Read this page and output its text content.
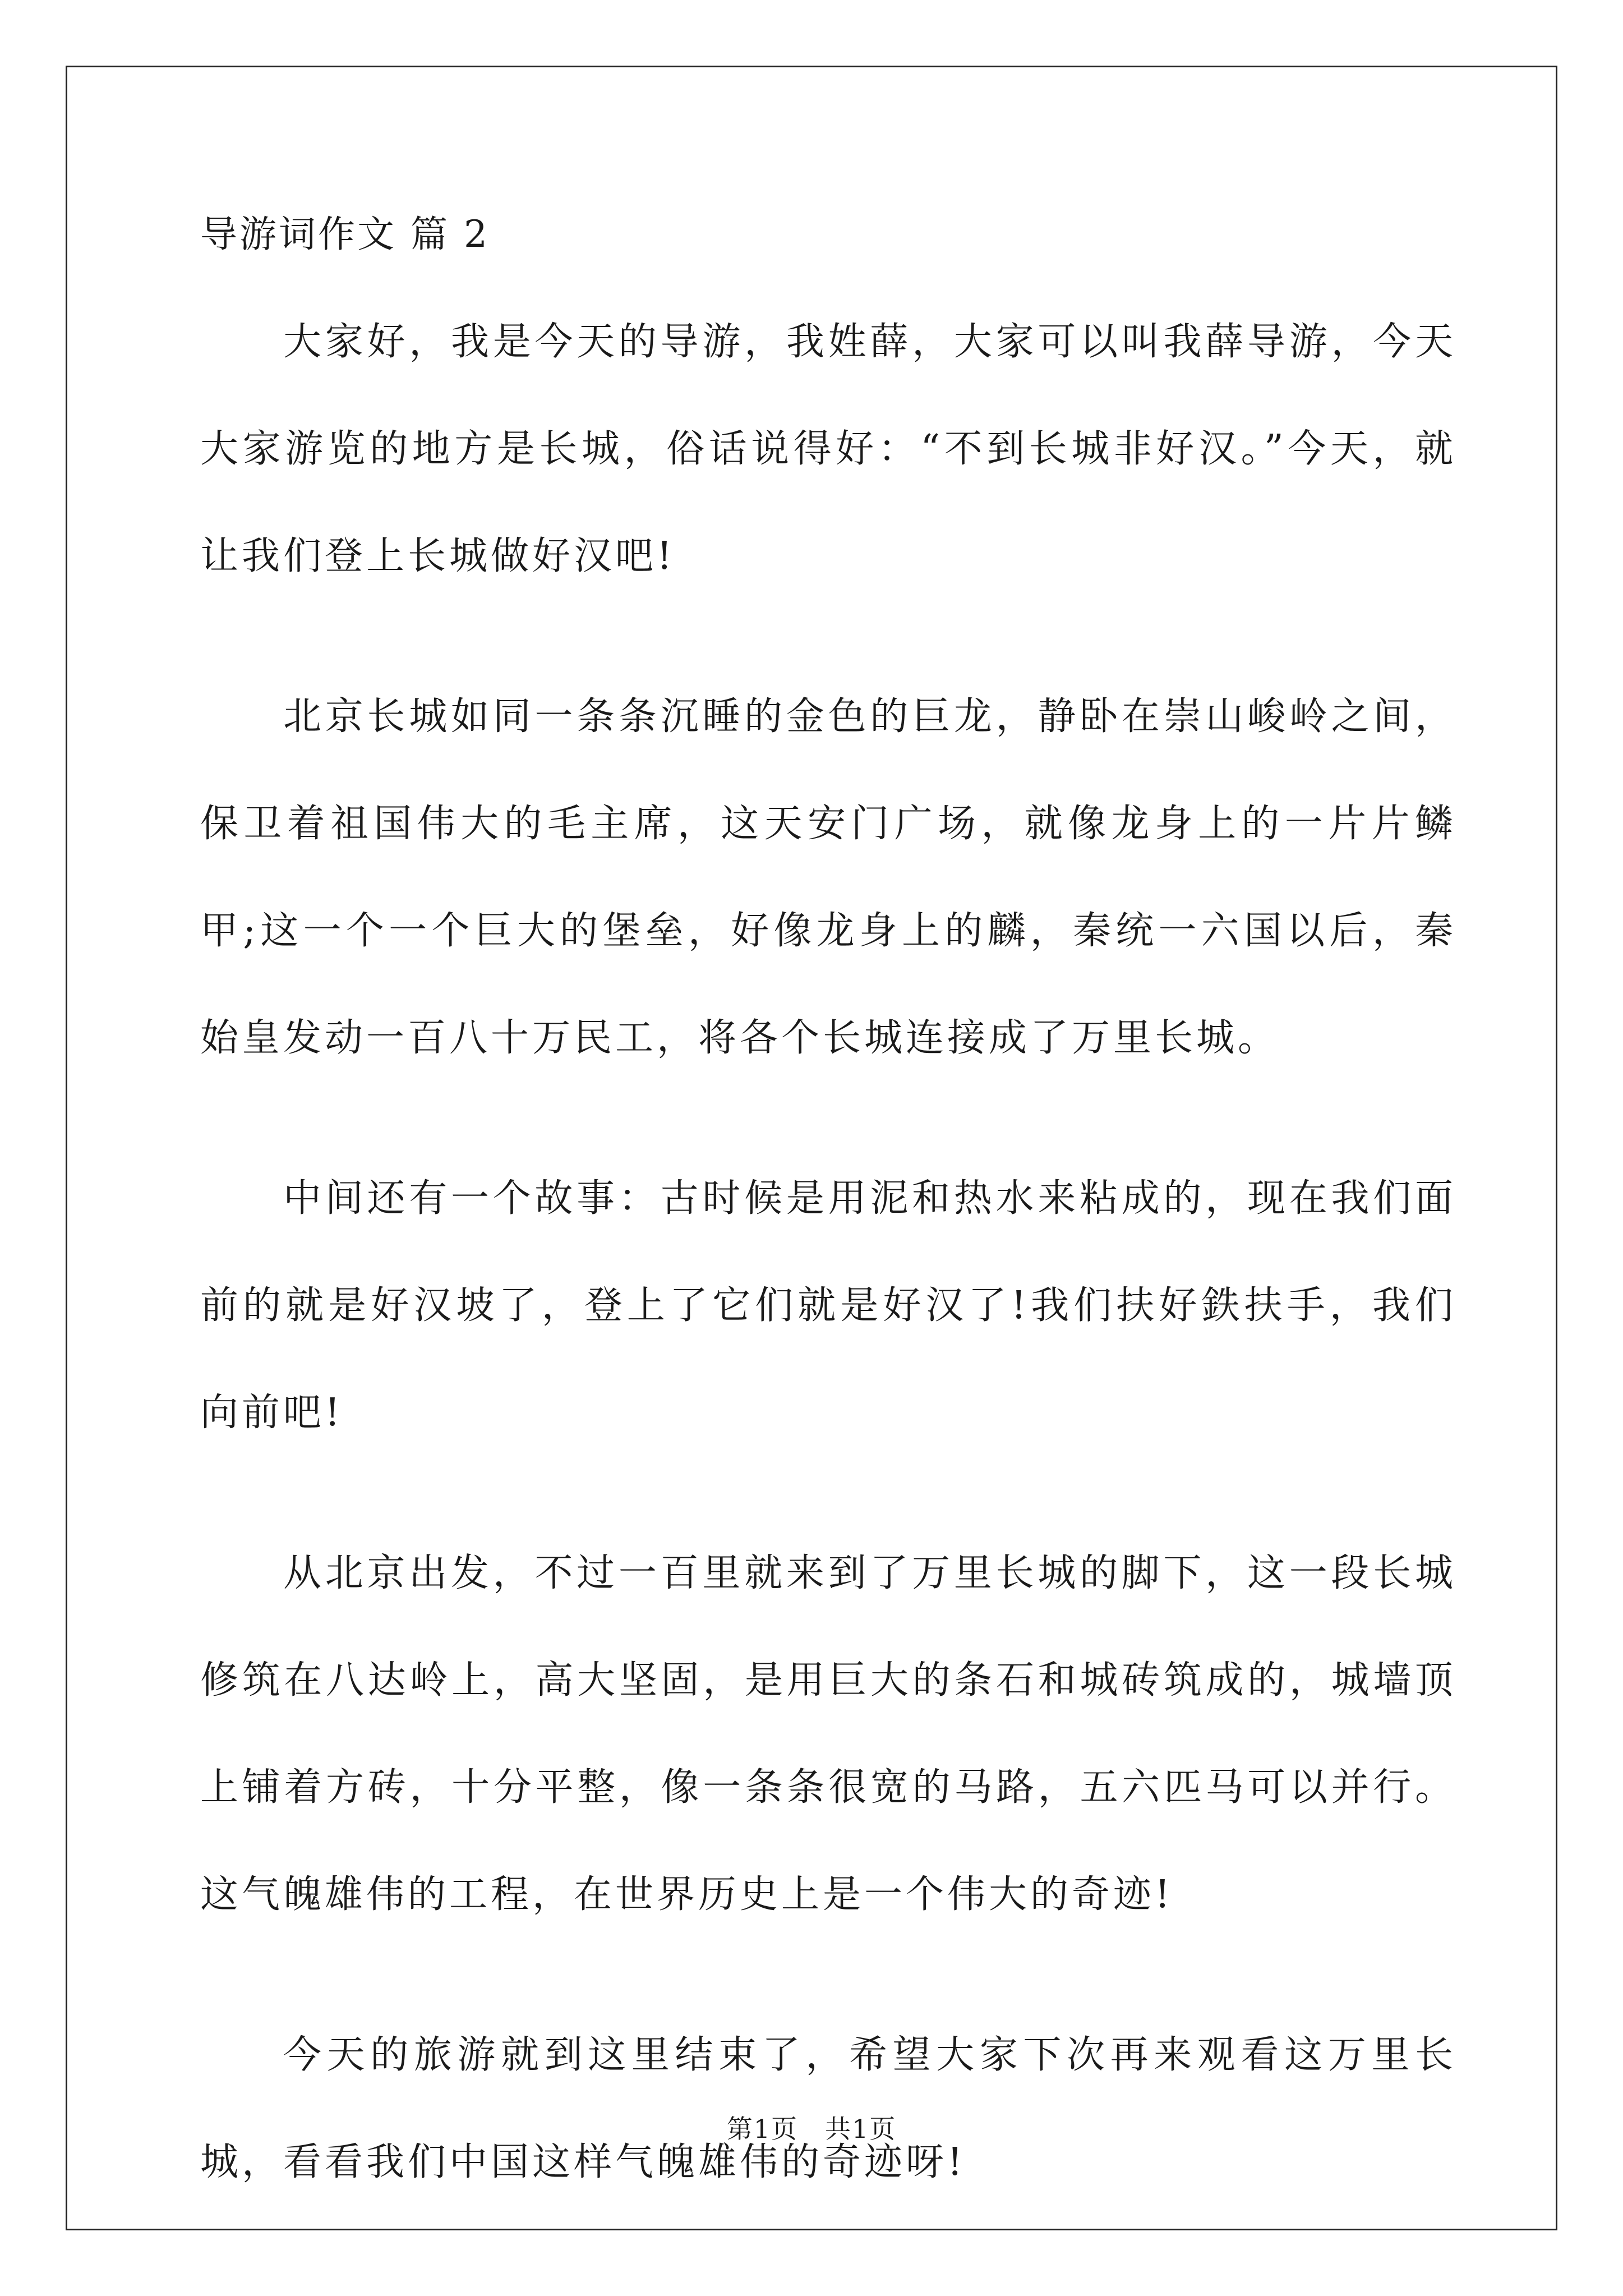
导游词作文 篇 2

大家好，我是今天的导游，我姓薛，大家可以叫我薛导游，今天大家游览的地方是长城，俗话说得好：“不到长城非好汉。”今天，就让我们登上长城做好汉吧!

北京长城如同一条条沉睡的金色的巨龙，静卧在崇山峻岭之间，保卫着祖国伟大的毛主席，这天安门广场，就像龙身上的一片片鳞甲;这一个一个巨大的堡垒，好像龙身上的麟，秦统一六国以后，秦始皇发动一百八十万民工，将各个长城连接成了万里长城。

中间还有一个故事：古时候是用泥和热水来粘成的，现在我们面前的就是好汉坡了，登上了它们就是好汉了!我们扶好鉄扶手，我们向前吧!

从北京出发，不过一百里就来到了万里长城的脚下，这一段长城修筑在八达岭上，高大坚固，是用巨大的条石和城砖筑成的，城墙顶上铺着方砖，十分平整，像一条条很宽的马路，五六匹马可以并行。这气魄雄伟的工程，在世界历史上是一个伟大的奇迹!

今天的旅游就到这里结束了，希望大家下次再来观看这万里长城，看看我们中国这样气魄雄伟的奇迹呀!

第1页 共1页
